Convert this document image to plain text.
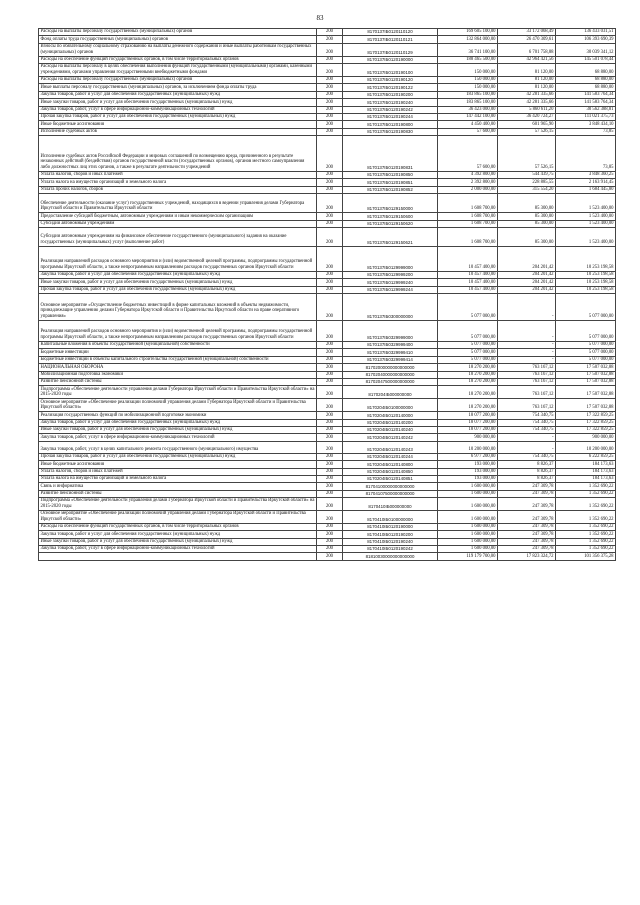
83
Расходы на выплаты персоналу государственных (муниципальных) органов	200	8170137IБ0120110120	169 605 100,00	33 172 068,49	136 433 031,51
Фонд оплаты труда государственных (муниципальных) органов	200	8170137IБ0120110121	132 864 000,00	26 470 309,61	106 393 690,39
Взносы по обязательному социальному страхованию на выплаты денежного содержания и иные выплаты работникам государственных (муниципальных) органов	200	8170137IБ0120110129	36 741 100,00	6 701 758,88	30 039 341,12
Расходы на обеспечение функций государственных органов, в том числе территориальных органов	200	8170137IБ0120190000	188 465 500,00	42 964 421,56	145 501 078,44
Расходы на выплаты персоналу в целях обеспечения выполнения функций государственными (муниципальными) органами, казенными учреждениями, органами управления государственными внебюджетными фондами	200	8170137IБ0120190100	150 000,00	81 120,00	68 880,00
Расходы на выплаты персоналу государственных (муниципальных) органов	200	8170137IБ0120190120	150 000,00	81 120,00	68 880,00
Иные выплаты персоналу государственных (муниципальных) органов, за исключением фонда оплаты труда	200	8170137IБ0120190122	150 000,00	81 120,00	68 880,00
Закупка товаров, работ и услуг для обеспечения государственных (муниципальных) нужд	200	8170137IБ0120190200	183 865 100,00	42 281 335,66	141 583 764,34
Иные закупки товаров, работ и услуг для обеспечения государственных (муниципальных) нужд	200	8170137IБ0120190240	183 865 100,00	42 281 335,66	141 583 764,34
Закупка товаров, работ, услуг в сфере информационно-коммуникационных технологий	200	8170137IБ0120190242	36 423 000,00	5 860 611,20	30 562 388,81
Прочая закупка товаров, работ и услуг для обеспечения государственных (муниципальных) нужд	200	8170137IБ0120190244	147 442 100,00	36 420 724,27	111 021 375,73
Иные бюджетные ассигнования	200	8170137IБ0120190800	4 450 400,00	601 965,90	3 848 434,10
Исполнение судебных актов	200	8170137IБ0120190830	57 600,00	57 526,15	73,85
Исполнение судебных актов Российской Федерации и мировых соглашений по возмещению вреда, причиненного в результате незаконных действий (бездействия) органов государственной власти (государственных органов), органов местного самоуправления либо должностных лиц этих органов, а также в результате деятельности учреждений	200	8170137IБ0120190831	57 600,00	57 526,15	73,85
Уплата налогов, сборов и иных платежей	200	8170137IБ0120190850	4 392 800,00	544 439,75	3 848 360,25
Уплата налога на имущество организаций и земельного налога	200	8170137IБ0120190851	2 392 800,00	228 885,55	2 163 914,45
Уплата прочих налогов, сборов	200	8170137IБ0120190852	2 000 000,00	315 554,20	1 684 445,80
Обеспечение деятельности (оказание услуг) государственных учреждений, находящихся в ведении управления делами Губернатора Иркутской области и Правительства Иркутской области	200	8170137IБ0129150000	1 608 700,00	85 300,00	1 523 400,00
Предоставление субсидий бюджетным, автономным учреждениям и иным некоммерческим организациям	200	8170137IБ0129150600	1 608 700,00	85 300,00	1 523 400,00
Субсидии автономным учреждениям	200	8170137IБ0129150620	1 608 700,00	85 300,00	1 523 400,00
Субсидии автономным учреждениям на финансовое обеспечение государственного (муниципального) задания на оказание государственных (муниципальных) услуг (выполнение работ)	200	8170137IБ0129150621	1 608 700,00	85 300,00	1 523 400,00
Реализация направлений расходов основного мероприятия и (или) ведомственной целевой программы, подпрограммы государственной программы Иркутской области, а также непрограммным направлениям расходов государственных органов Иркутской области	200	8170137IБ0129999000	10 457 400,00	204 201,42	10 253 198,58
Закупка товаров, работ и услуг для обеспечения государственных (муниципальных) нужд	200	8170137IБ0129999200	10 457 400,00	204 201,42	10 253 198,58
Иные закупки товаров, работ и услуг для обеспечения государственных (муниципальных) нужд	200	8170137IБ0129999240	10 457 400,00	204 201,42	10 253 198,58
Прочая закупка товаров, работ и услуг для обеспечения государственных (муниципальных) нужд	200	8170137IБ0129999244	10 457 400,00	204 201,42	10 253 198,58
Основное мероприятие «Осуществление бюджетных инвестиций в форме капитальных вложений в объекты недвижимости, принадлежащие управлению делами Губернатора Иркутской области и Правительства Иркутской области на праве оперативного управления»	200	8170137IБ0300000000	5 077 000,00	-	5 077 000,00
Реализация направлений расходов основного мероприятия и (или) ведомственной целевой программы, подпрограммы государственной программы Иркутской области, а также непрограммным направлениям расходов государственных органов Иркутской области	200	8170137IБ0329999000	5 077 000,00	-	5 077 000,00
Капитальные вложения в объекты государственной (муниципальной) собственности	200	8170137IБ0329999400	5 077 000,00	-	5 077 000,00
Бюджетные инвестиции	200	8170137IБ0329999410	5 077 000,00	-	5 077 000,00
Бюджетные инвестиции в объекты капитального строительства государственной (муниципальной) собственности	200	8170137IБ0329999414	5 077 000,00	-	5 077 000,00
НАЦИОНАЛЬНАЯ ОБОРОНА	200	81702000000000000000	18 270 200,00	763 167,12	17 507 032,88
Мобилизационная подготовка экономики	200	81702040000000000000	18 270 200,00	763 167,12	17 507 032,88
Развитие пенсионной системы	200	81702047500000000000	18 270 200,00	763 167,12	17 507 032,88
Подпрограмма «Обеспечение деятельности управления делами Губернатора Иркутской области и Правительства Иркутской области» на 2015-2020 годы	200	8170204IБ000000000	18 270 200,00	763 167,12	17 507 032,88
Основное мероприятие «Обеспечение реализации полномочий управления делами Губернатора Иркутской области и Правительства Иркутской области»	200	8170204IБ0100000000	18 270 200,00	763 167,12	17 507 032,88
Реализация государственных функций по мобилизационной подготовке экономики	200	8170204IБ0120140000	18 077 200,00	754 340,75	17 322 859,25
Закупка товаров, работ и услуг для обеспечения государственных (муниципальных) нужд	200	8170204IБ0120140200	18 077 200,00	754 340,75	17 322 859,25
Иные закупки товаров, работ и услуг для обеспечения государственных (муниципальных) нужд	200	8170204IБ0120140240	18 077 200,00	754 340,75	17 322 859,25
Закупка товаров, работ, услуг в сфере информационно-коммуникационных технологий	200	8170204IБ0120140242	900 000,00	-	900 000,00
Закупка товаров, работ, услуг в целях капитального ремонта государственного (муниципального) имущества	200	8170204IБ0120140243	10 200 000,00	-	10 200 000,00
Прочая закупка товаров, работ и услуг для обеспечения государственных (муниципальных) нужд	200	8170204IБ0120140244	6 977 200,00	754 340,75	6 222 859,25
Иные бюджетные ассигнования	200	8170204IБ0120140800	193 000,00	8 826,37	184 173,63
Уплата налогов, сборов и иных платежей	200	8170204IБ0120140850	193 000,00	8 826,37	184 173,63
Уплата налога на имущество организаций и земельного налога	200	8170204IБ0120140851	193 000,00	8 826,37	184 173,63
Связь и информатика	200	81704100000000000000	1 600 000,00	247 309,78	1 352 690,22
Развитие пенсионной системы	200	81704107500000000000	1 600 000,00	247 309,78	1 352 690,22
Подпрограмма «Обеспечение деятельности управления делами Губернатора Иркутской области и Правительства Иркутской области» на 2015-2020 годы	200	8170410IБ000000000	1 600 000,00	247 309,78	1 352 690,22
Основное мероприятие «Обеспечение реализации полномочий управления делами Губернатора Иркутской области и Правительства Иркутской области»	200	8170410IБ0100000000	1 600 000,00	247 309,78	1 352 690,22
Расходы на обеспечение функций государственных органов, в том числе территориальных органов	200	8170410IБ0120190000	1 600 000,00	247 309,78	1 352 690,22
Закупка товаров, работ и услуг для обеспечения государственных (муниципальных) нужд	200	8170410IБ0120190200	1 600 000,00	247 309,78	1 352 690,22
Иные закупки товаров, работ и услуг для обеспечения государственных (муниципальных) нужд	200	8170410IБ0120190240	1 600 000,00	247 309,78	1 352 690,22
Закупка товаров, работ, услуг в сфере информационно-коммуникационных технологий	200	8170410IБ0120190242	1 600 000,00	247 309,78	1 352 690,22
	200	81810030000000000000	119 179 700,00	17 823 324,72	101 356 375,28
